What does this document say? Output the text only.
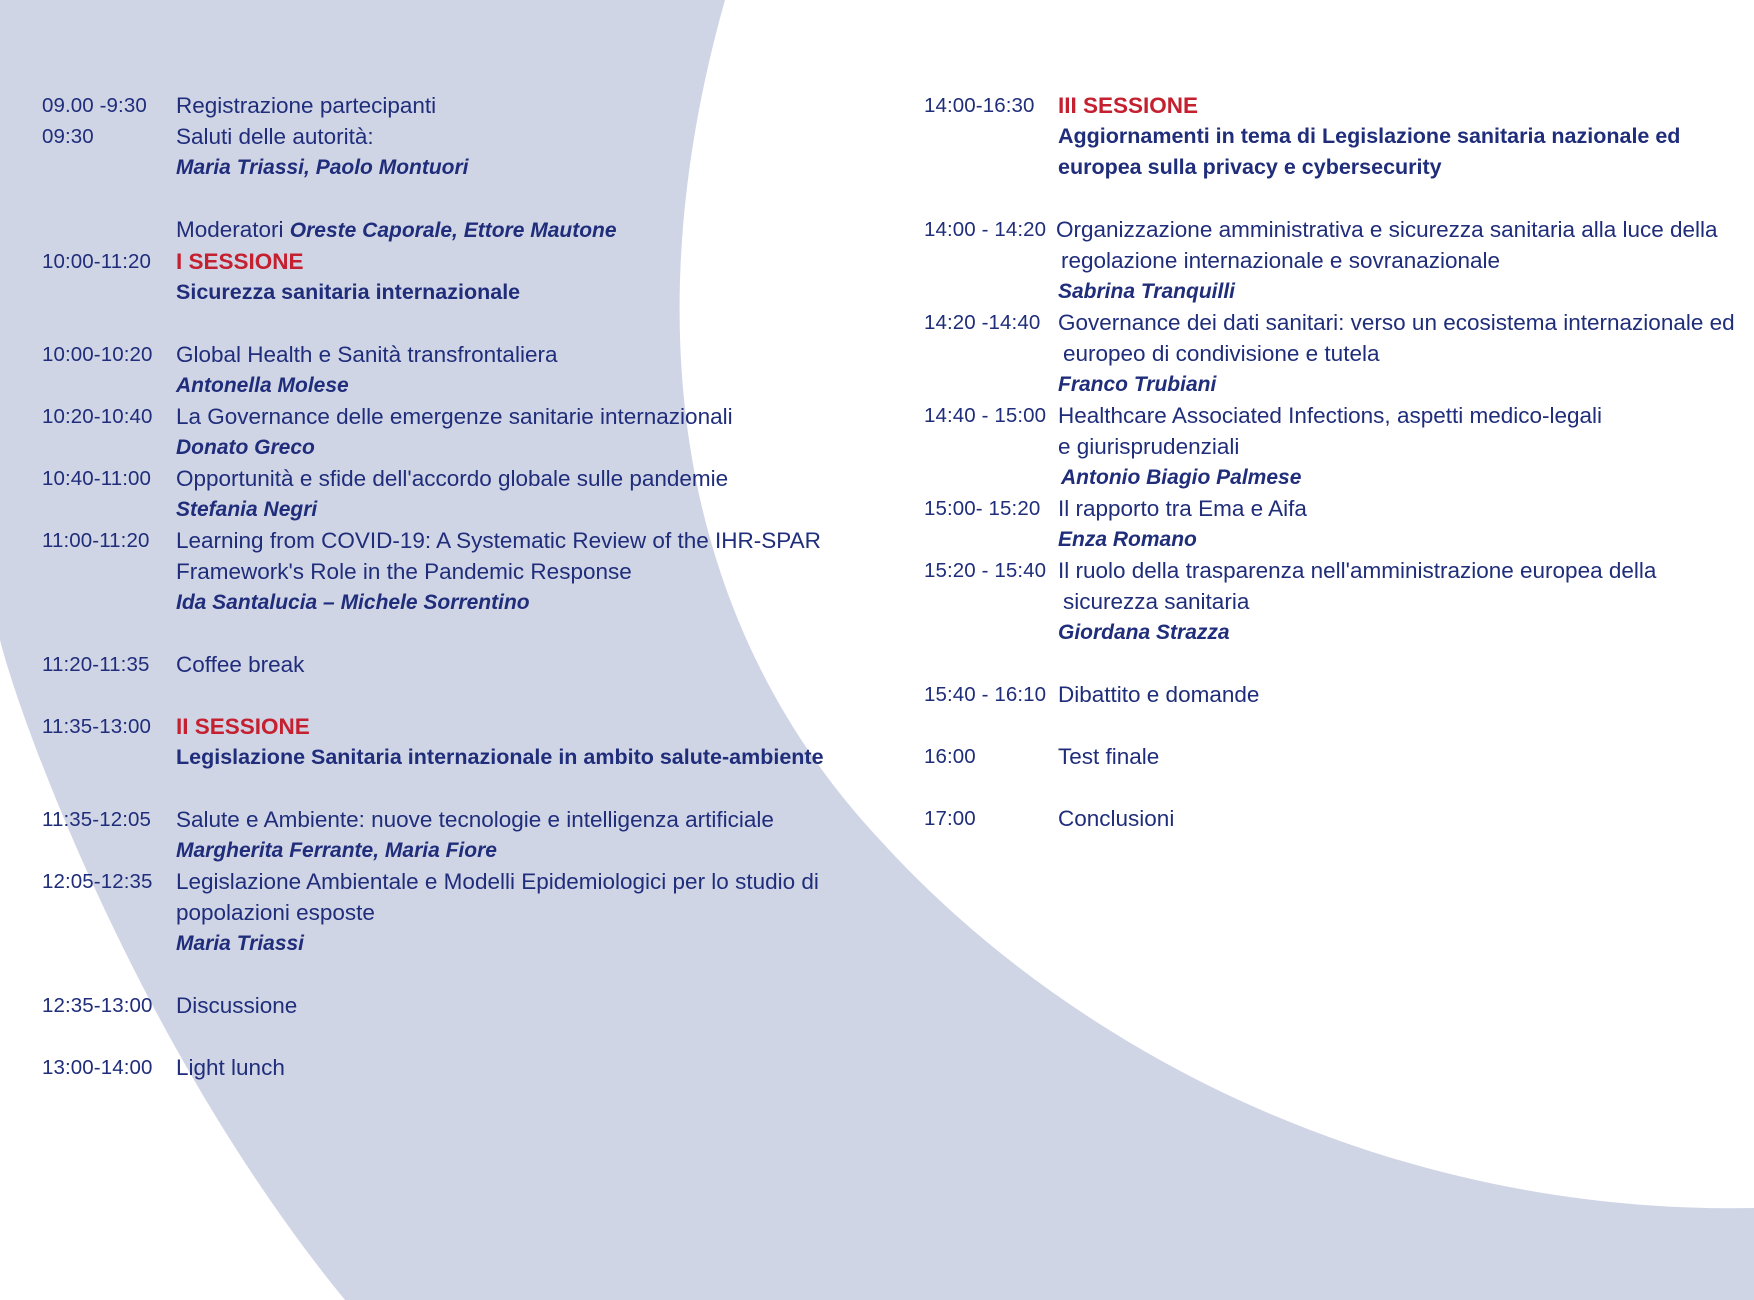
09.00 -9:30	Registrazione partecipanti
09:30	Saluti delle autorità:
Maria Triassi, Paolo Montuori
Moderatori Oreste Caporale, Ettore Mautone
10:00-11:20	I SESSIONE
Sicurezza sanitaria internazionale
10:00-10:20	Global Health e Sanità transfrontaliera
Antonella Molese
10:20-10:40	La Governance delle emergenze sanitarie internazionali
Donato Greco
10:40-11:00	Opportunità e sfide dell'accordo globale sulle pandemie
Stefania Negri
11:00-11:20	Learning from COVID-19: A Systematic Review of the IHR-SPAR
Framework's Role in the Pandemic Response
Ida Santalucia – Michele Sorrentino
11:20-11:35	Coffee break
11:35-13:00	II SESSIONE
Legislazione Sanitaria internazionale in ambito salute-ambiente
11:35-12:05	Salute e Ambiente: nuove tecnologie e intelligenza artificiale
Margherita Ferrante, Maria Fiore
12:05-12:35	Legislazione Ambientale e Modelli Epidemiologici per lo studio di
popolazioni esposte
Maria Triassi
12:35-13:00	Discussione
13:00-14:00	Light lunch
14:00-16:30	III SESSIONE
Aggiornamenti in tema di Legislazione sanitaria nazionale ed
europea sulla privacy e cybersecurity
14:00 - 14:20 Organizzazione amministrativa e sicurezza sanitaria alla luce della
regolazione internazionale e sovranazionale
Sabrina Tranquilli
14:20 -14:40 Governance dei dati sanitari: verso un ecosistema internazionale ed
europeo di condivisione e tutela
Franco Trubiani
14:40 - 15:00 Healthcare Associated Infections, aspetti medico-legali
e giurisprudenziali
Antonio Biagio Palmese
15:00- 15:20 Il rapporto tra Ema e Aifa
Enza Romano
15:20 - 15:40 Il ruolo della trasparenza nell'amministrazione europea della
sicurezza sanitaria
Giordana Strazza
15:40 - 16:10 Dibattito e domande
16:00	Test finale
17:00	Conclusioni
